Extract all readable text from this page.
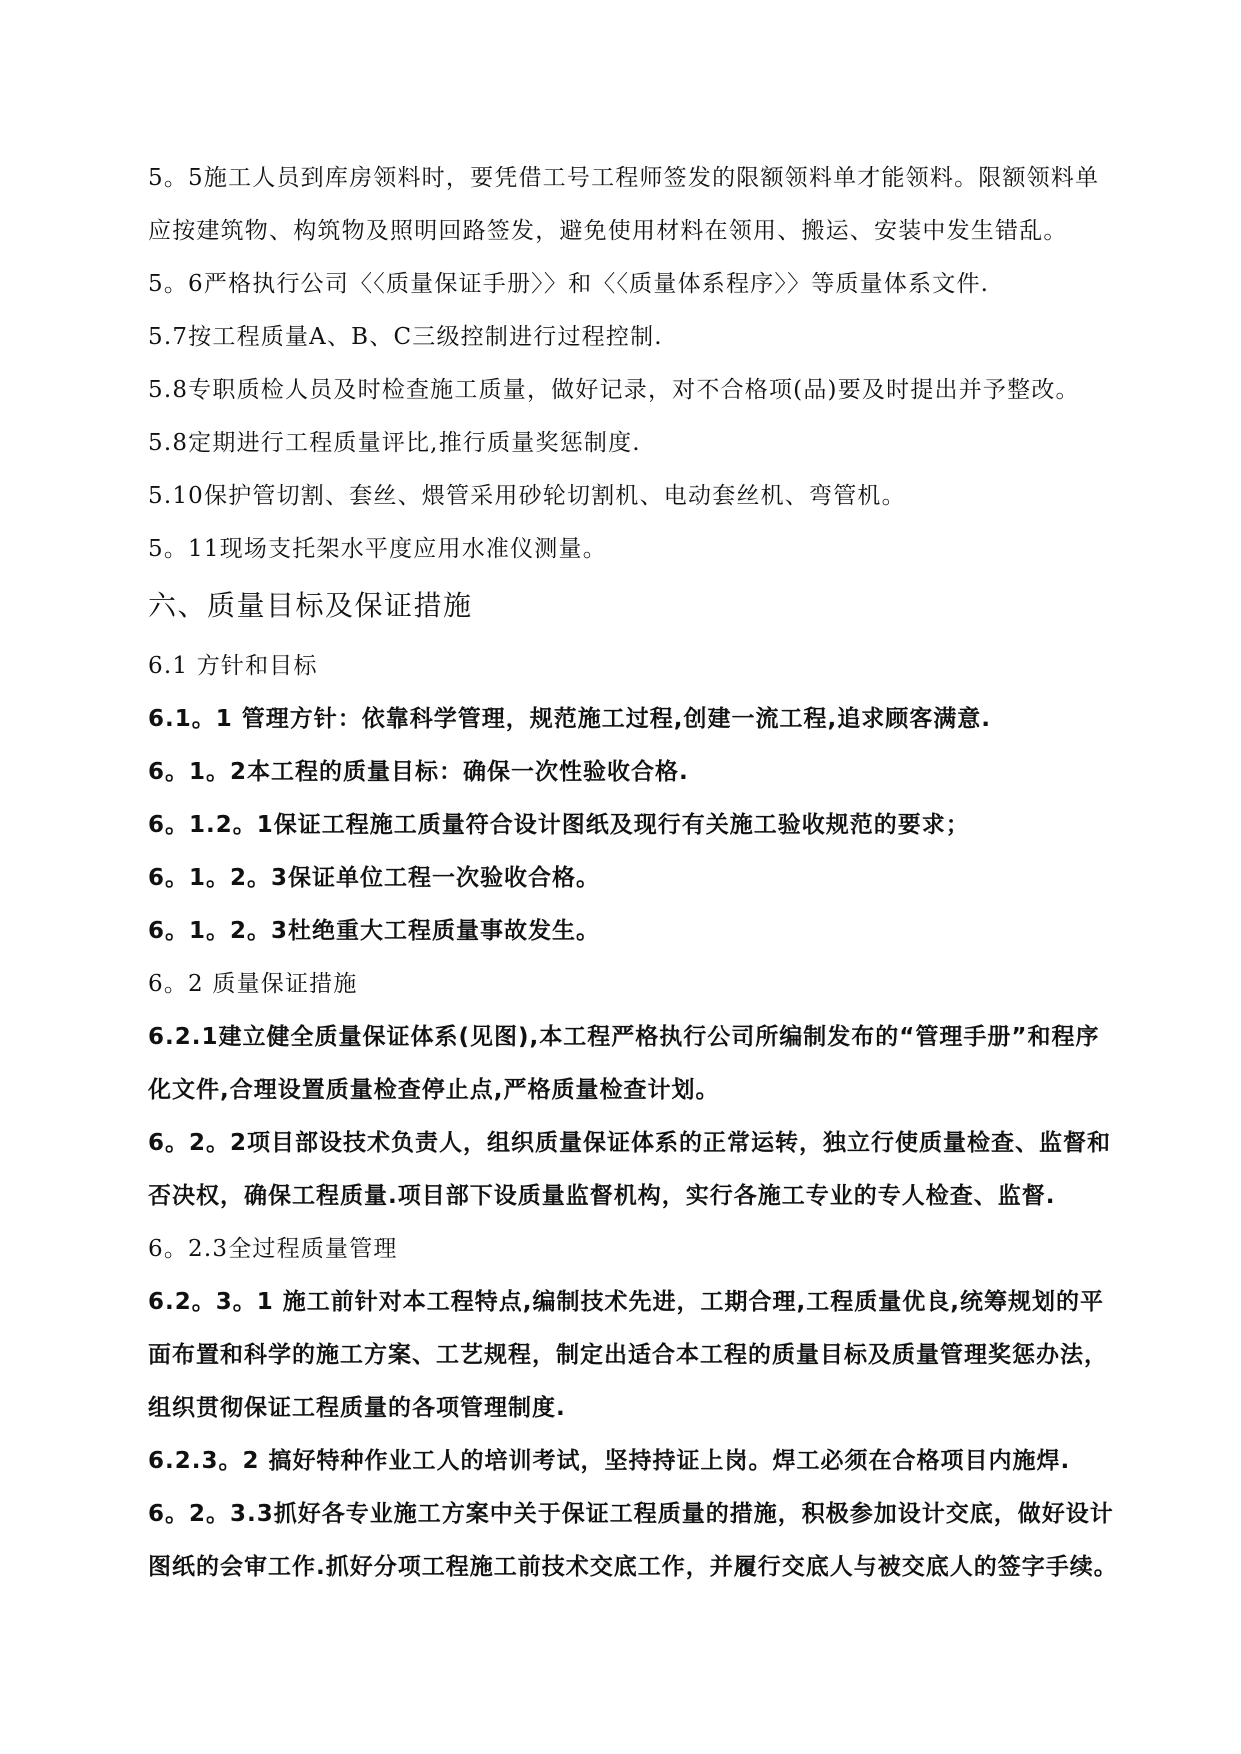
5。5施工人员到库房领料时，要凭借工号工程师签发的限额领料单才能领料。限额领料单应按建筑物、构筑物及照明回路签发，避免使用材料在领用、搬运、安装中发生错乱。

5。6严格执行公司〈〈质量保证手册〉〉和〈〈质量体系程序〉〉等质量体系文件.

5.7按工程质量A、B、C三级控制进行过程控制.

5.8专职质检人员及时检查施工质量，做好记录，对不合格项(品)要及时提出并予整改。

5.8定期进行工程质量评比,推行质量奖惩制度.

5.10保护管切割、套丝、煨管采用砂轮切割机、电动套丝机、弯管机。

5。11现场支托架水平度应用水准仪测量。

六、质量目标及保证措施

6.1 方针和目标

6.1。1 管理方针：依靠科学管理，规范施工过程,创建一流工程,追求顾客满意.

6。1。2本工程的质量目标：确保一次性验收合格.

6。1.2。1保证工程施工质量符合设计图纸及现行有关施工验收规范的要求；

6。1。2。3保证单位工程一次验收合格。

6。1。2。3杜绝重大工程质量事故发生。

6。2 质量保证措施

6.2.1建立健全质量保证体系(见图),本工程严格执行公司所编制发布的“管理手册”和程序化文件,合理设置质量检查停止点,严格质量检查计划。

6。2。2项目部设技术负责人，组织质量保证体系的正常运转，独立行使质量检查、监督和否决权，确保工程质量.项目部下设质量监督机构，实行各施工专业的专人检查、监督.

6。2.3全过程质量管理

6.2。3。1 施工前针对本工程特点,编制技术先进，工期合理,工程质量优良,统筹规划的平面布置和科学的施工方案、工艺规程，制定出适合本工程的质量目标及质量管理奖惩办法，组织贯彻保证工程质量的各项管理制度.

6.2.3。2 搞好特种作业工人的培训考试，坚持持证上岗。焊工必须在合格项目内施焊.

6。2。3.3抓好各专业施工方案中关于保证工程质量的措施，积极参加设计交底，做好设计图纸的会审工作.抓好分项工程施工前技术交底工作，并履行交底人与被交底人的签字手续。
